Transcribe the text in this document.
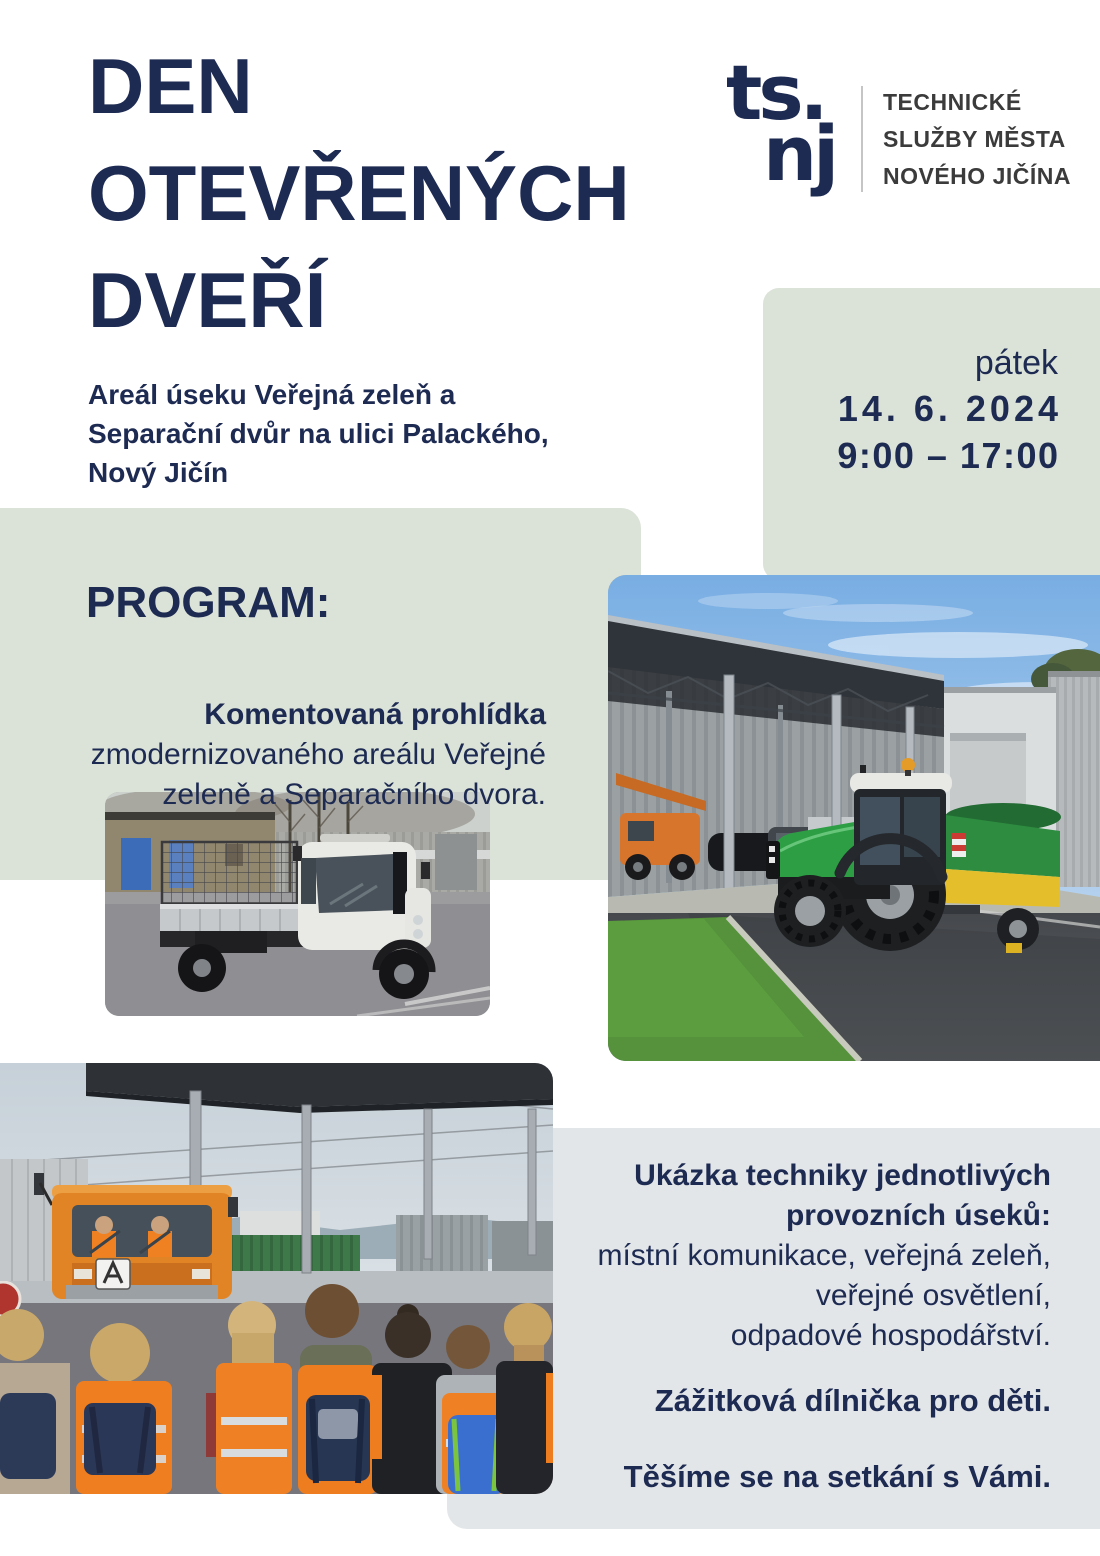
pátek
14. 6. 2024
9:00 – 17:00
Ukázka techniky jednotlivých
provozních úseků:
místní komunikace, veřejná zeleň,
veřejné osvětlení,
odpadové hospodářství.
Zážitková dílnička pro děti.
Těšíme se na setkání s Vámi.
DEN
OTEVŘENÝCH
DVEŘÍ
Areál úseku Veřejná zeleň a
Separační dvůr na ulici Palackého,
Nový Jičín
ts.
nj
TECHNICKÉ
SLUŽBY MĚSTA
NOVÉHO JIČÍNA
PROGRAM:
Komentovaná prohlídka
zmodernizovaného areálu Veřejné
zeleně a Separačního dvora.
